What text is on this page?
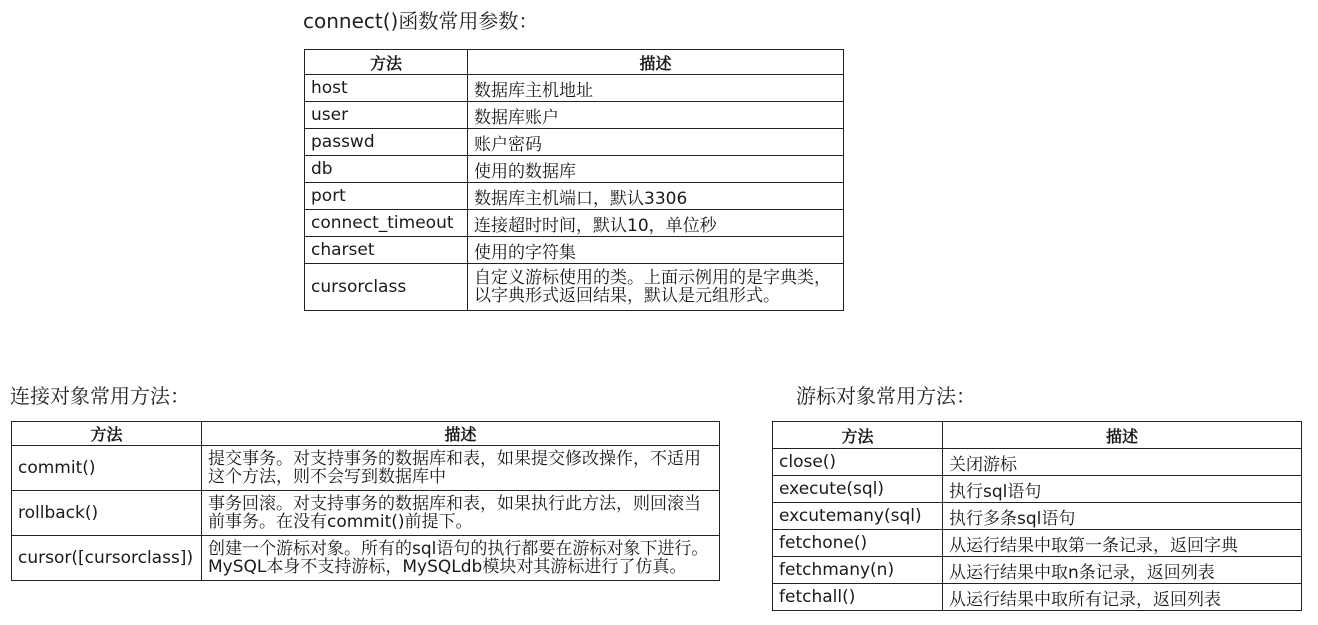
connect()函数常用参数：
方法	描述
host	数据库主机地址
user	数据库账户
passwd	账户密码
db	使用的数据库
port	数据库主机端口，默认3306
connect_timeout	连接超时时间，默认10，单位秒
charset	使用的字符集
cursorclass	自定义游标使用的类。上面示例用的是字典类，以字典形式返回结果，默认是元组形式。
连接对象常用方法：
方法	描述
commit()	提交事务。对支持事务的数据库和表，如果提交修改操作，不适用这个方法，则不会写到数据库中
rollback()	事务回滚。对支持事务的数据库和表，如果执行此方法，则回滚当前事务。在没有commit()前提下。
cursor([cursorclass])	创建一个游标对象。所有的sql语句的执行都要在游标对象下进行。MySQL本身不支持游标，MySQLdb模块对其游标进行了仿真。
游标对象常用方法：
方法	描述
close()	关闭游标
execute(sql)	执行sql语句
excutemany(sql)	执行多条sql语句
fetchone()	从运行结果中取第一条记录，返回字典
fetchmany(n)	从运行结果中取n条记录，返回列表
fetchall()	从运行结果中取所有记录，返回列表
